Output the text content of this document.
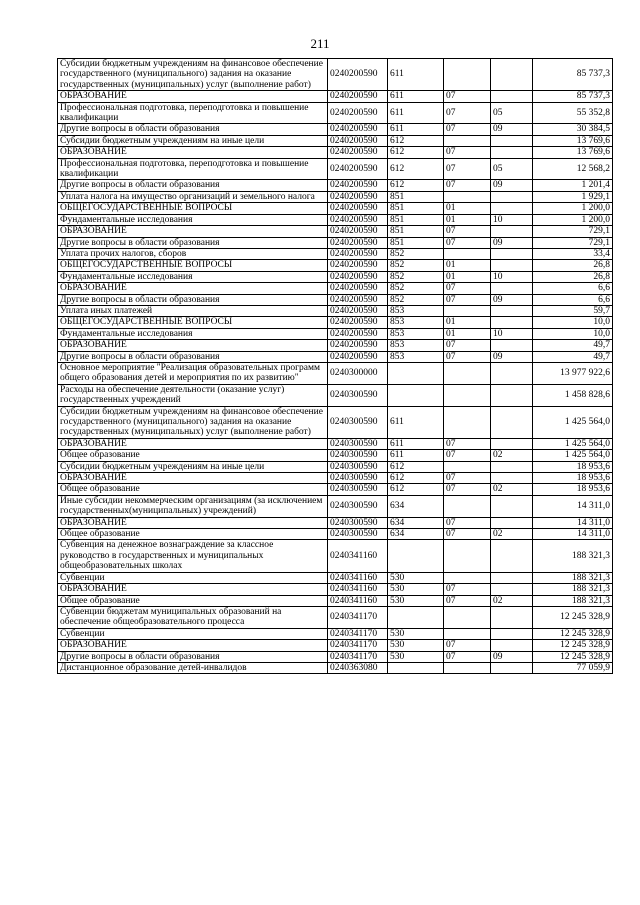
211
Субсидии бюджетным учреждениям на финансовое обеспечение государственного (муниципального) задания на оказание государственных (муниципальных) услуг (выполнение работ)	0240200590	611			85 737,3
ОБРАЗОВАНИЕ	0240200590	611	07		85 737,3
Профессиональная подготовка, переподготовка и повышение квалификации	0240200590	611	07	05	55 352,8
Другие вопросы в области образования	0240200590	611	07	09	30 384,5
Субсидии бюджетным учреждениям на иные цели	0240200590	612			13 769,6
ОБРАЗОВАНИЕ	0240200590	612	07		13 769,6
Профессиональная подготовка, переподготовка и повышение квалификации	0240200590	612	07	05	12 568,2
Другие вопросы в области образования	0240200590	612	07	09	1 201,4
Уплата налога на имущество организаций и земельного налога	0240200590	851			1 929,1
ОБЩЕГОСУДАРСТВЕННЫЕ ВОПРОСЫ	0240200590	851	01		1 200,0
Фундаментальные исследования	0240200590	851	01	10	1 200,0
ОБРАЗОВАНИЕ	0240200590	851	07		729,1
Другие вопросы в области образования	0240200590	851	07	09	729,1
Уплата прочих налогов, сборов	0240200590	852			33,4
ОБЩЕГОСУДАРСТВЕННЫЕ ВОПРОСЫ	0240200590	852	01		26,8
Фундаментальные исследования	0240200590	852	01	10	26,8
ОБРАЗОВАНИЕ	0240200590	852	07		6,6
Другие вопросы в области образования	0240200590	852	07	09	6,6
Уплата иных платежей	0240200590	853			59,7
ОБЩЕГОСУДАРСТВЕННЫЕ ВОПРОСЫ	0240200590	853	01		10,0
Фундаментальные исследования	0240200590	853	01	10	10,0
ОБРАЗОВАНИЕ	0240200590	853	07		49,7
Другие вопросы в области образования	0240200590	853	07	09	49,7
Основное мероприятие "Реализация образовательных программ общего образования детей и мероприятия по их развитию"	0240300000				13 977 922,6
Расходы на обеспечение деятельности (оказание услуг) государственных учреждений	0240300590				1 458 828,6
Субсидии бюджетным учреждениям на финансовое обеспечение государственного (муниципального) задания на оказание государственных (муниципальных) услуг (выполнение работ)	0240300590	611			1 425 564,0
ОБРАЗОВАНИЕ	0240300590	611	07		1 425 564,0
Общее образование	0240300590	611	07	02	1 425 564,0
Субсидии бюджетным учреждениям на иные цели	0240300590	612			18 953,6
ОБРАЗОВАНИЕ	0240300590	612	07		18 953,6
Общее образование	0240300590	612	07	02	18 953,6
Иные субсидии некоммерческим организациям (за исключением государственных(муниципальных) учреждений)	0240300590	634			14 311,0
ОБРАЗОВАНИЕ	0240300590	634	07		14 311,0
Общее образование	0240300590	634	07	02	14 311,0
Субвенция на денежное вознаграждение за классное руководство в государственных и муниципальных общеобразовательных школах	0240341160				188 321,3
Субвенции	0240341160	530			188 321,3
ОБРАЗОВАНИЕ	0240341160	530	07		188 321,3
Общее образование	0240341160	530	07	02	188 321,3
Субвенции бюджетам муниципальных образований на обеспечение общеобразовательного процесса	0240341170				12 245 328,9
Субвенции	0240341170	530			12 245 328,9
ОБРАЗОВАНИЕ	0240341170	530	07		12 245 328,9
Другие вопросы в области образования	0240341170	530	07	09	12 245 328,9
Дистанционное образование детей-инвалидов	0240363080				77 059,9
